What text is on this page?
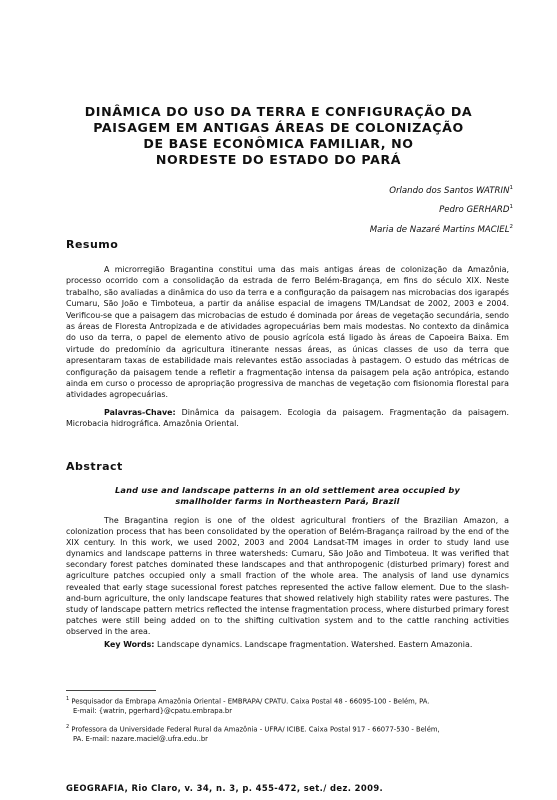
DINÂMICA DO USO DA TERRA E CONFIGURAÇÃO DA
PAISAGEM EM ANTIGAS ÁREAS DE COLONIZAÇÃO
DE BASE ECONÔMICA FAMILIAR, NO
NORDESTE DO ESTADO DO PARÁ
Orlando dos Santos WATRIN$^1$
Pedro GERHARD$^1$
Maria de Nazaré Martins MACIEL$^2$
Resumo

A microrregião Bragantina constitui uma das mais antigas áreas de colonização da Amazônia, processo ocorrido com a consolidação da estrada de ferro Belém-Bragança, em fins do século XIX. Neste trabalho, são avaliadas a dinâmica do uso da terra e a configuração da paisagem nas microbacias dos igarapés Cumaru, São João e Timboteua, a partir da análise espacial de imagens TM/Landsat de 2002, 2003 e 2004. Verificou-se que a paisagem das microbacias de estudo é dominada por áreas de vegetação secundária, sendo as áreas de Floresta Antropizada e de atividades agropecuárias bem mais modestas. No contexto da dinâmica do uso da terra, o papel de elemento ativo de pousio agrícola está ligado às áreas de Capoeira Baixa. Em virtude do predomínio da agricultura itinerante nessas áreas, as únicas classes de uso da terra que apresentaram taxas de estabilidade mais relevantes estão associadas à pastagem. O estudo das métricas de configuração da paisagem tende a refletir a fragmentação intensa da paisagem pela ação antrópica, estando ainda em curso o processo de apropriação progressiva de manchas de vegetação com fisionomia florestal para atividades agropecuárias.

Palavras-Chave: Dinâmica da paisagem. Ecologia da paisagem. Fragmentação da paisagem. Microbacia hidrográfica. Amazônia Oriental.

Abstract
Land use and landscape patterns in an old settlement area occupied by
smallholder farms in Northeastern Pará, Brazil

The Bragantina region is one of the oldest agricultural frontiers of the Brazilian Amazon, a colonization process that has been consolidated by the operation of Belém-Bragança railroad by the end of the XIX century. In this work, we used 2002, 2003 and 2004 Landsat-TM images in order to study land use dynamics and landscape patterns in three watersheds: Cumaru, São João and Timboteua. It was verified that secondary forest patches dominated these landscapes and that anthropogenic (disturbed primary) forest and agriculture patches occupied only a small fraction of the whole area. The analysis of land use dynamics revealed that early stage sucessional forest patches represented the active fallow element. Due to the slash-and-burn agriculture, the only landscape features that showed relatively high stability rates were pastures. The study of landscape pattern metrics reflected the intense fragmentation process, where disturbed primary forest patches were still being added on to the shifting cultivation system and to the cattle ranching activities observed in the area.

Key Words: Landscape dynamics. Landscape fragmentation. Watershed. Eastern Amazonia.

$^1$ Pesquisador da Embrapa Amazônia Oriental - EMBRAPA/ CPATU. Caixa Postal 48 - 66095-100 - Belém, PA.
E-mail: {watrin, pgerhard}@cpatu.embrapa.br

$^2$ Professora da Universidade Federal Rural da Amazônia - UFRA/ ICIBE. Caixa Postal 917 - 66077-530 - Belém,
PA. E-mail: nazare.maciel@.ufra.edu..br

GEOGRAFIA, Rio Claro, v. 34, n. 3, p. 455-472, set./ dez. 2009.
